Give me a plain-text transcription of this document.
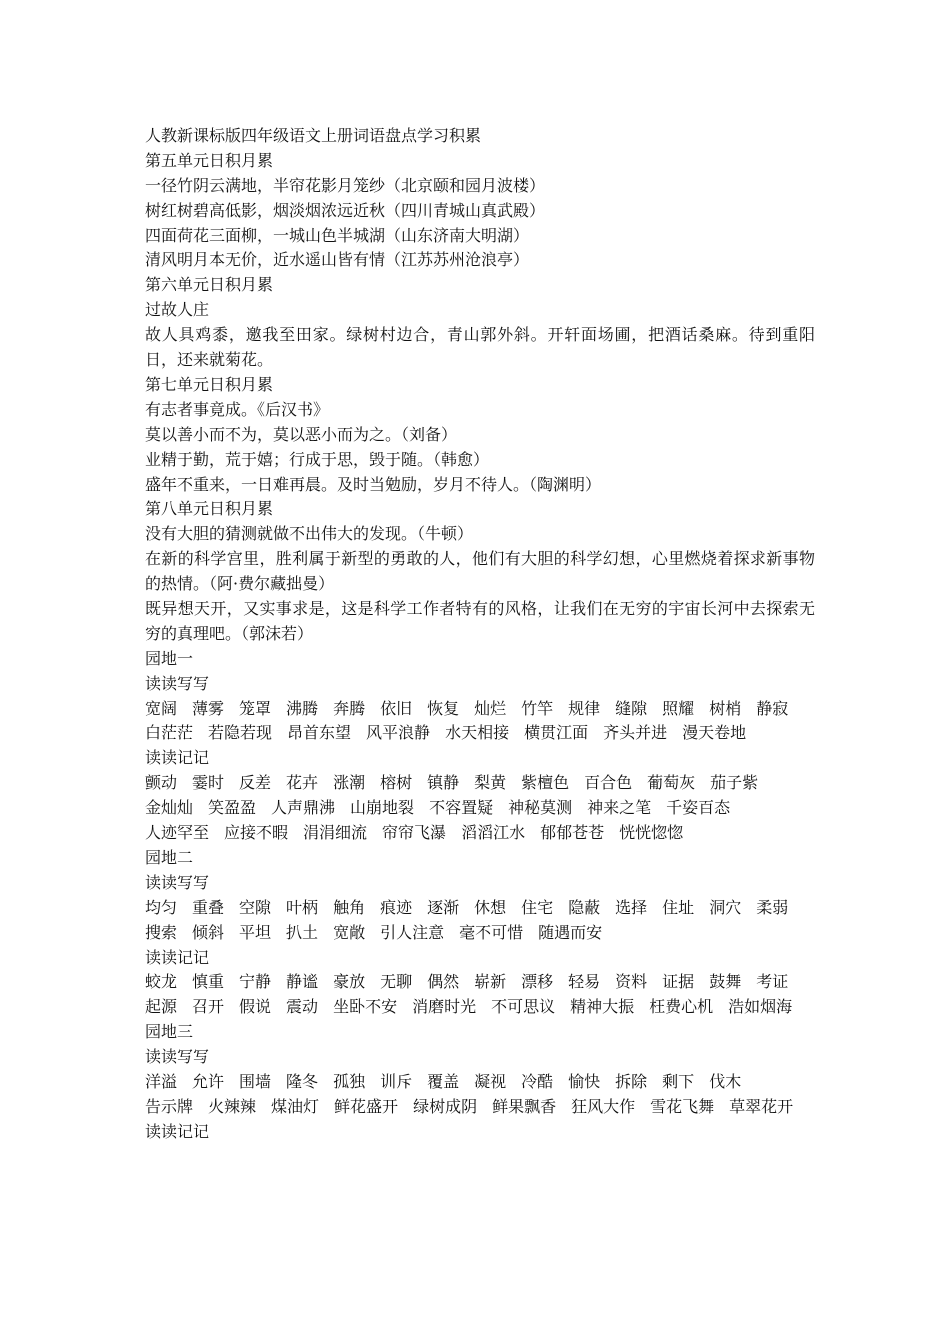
人教新课标版四年级语文上册词语盘点学习积累
第五单元日积月累
一径竹阴云满地，半帘花影月笼纱（北京颐和园月波楼）
树红树碧高低影，烟淡烟浓远近秋（四川青城山真武殿）
四面荷花三面柳，一城山色半城湖（山东济南大明湖）
清风明月本无价，近水遥山皆有情（江苏苏州沧浪亭）
第六单元日积月累
过故人庄
故人具鸡黍，邀我至田家。绿树村边合，青山郭外斜。开轩面场圃，把酒话桑麻。待到重阳日，还来就菊花。
第七单元日积月累
有志者事竟成。《后汉书》
莫以善小而不为，莫以恶小而为之。（刘备）
业精于勤，荒于嬉；行成于思，毁于随。（韩愈）
盛年不重来，一日难再晨。及时当勉励，岁月不待人。（陶渊明）
第八单元日积月累
没有大胆的猜测就做不出伟大的发现。（牛顿）
在新的科学宫里，胜利属于新型的勇敢的人，他们有大胆的科学幻想，心里燃烧着探求新事物的热情。（阿·费尔藏拙曼）
既异想天开，又实事求是，这是科学工作者特有的风格，让我们在无穷的宇宙长河中去探索无穷的真理吧。（郭沫若）
园地一
读读写写
宽阔 薄雾 笼罩 沸腾 奔腾 依旧 恢复 灿烂 竹竿 规律 缝隙 照耀 树梢 静寂白茫茫 若隐若现 昂首东望 风平浪静 水天相接 横贯江面 齐头并进 漫天卷地
读读记记
颤动 霎时 反差 花卉 涨潮 榕树 镇静 梨黄 紫檀色 百合色 葡萄灰 茄子紫金灿灿 笑盈盈 人声鼎沸 山崩地裂 不容置疑 神秘莫测 神来之笔 千姿百态人迹罕至 应接不暇 涓涓细流 帘帘飞瀑 滔滔江水 郁郁苍苍 恍恍惚惚
园地二
读读写写
均匀 重叠 空隙 叶柄 触角 痕迹 逐渐 休想 住宅 隐蔽 选择 住址 洞穴 柔弱搜索 倾斜 平坦 扒土 宽敞 引人注意 毫不可惜 随遇而安
读读记记
蛟龙 慎重 宁静 静谧 豪放 无聊 偶然 崭新 漂移 轻易 资料 证据 鼓舞 考证起源 召开 假说 震动 坐卧不安 消磨时光 不可思议 精神大振 枉费心机 浩如烟海
园地三
读读写写
洋溢 允许 围墙 隆冬 孤独 训斥 覆盖 凝视 冷酷 愉快 拆除 剩下 伐木告示牌 火辣辣 煤油灯 鲜花盛开 绿树成阴 鲜果飘香 狂风大作 雪花飞舞 草翠花开
读读记记
